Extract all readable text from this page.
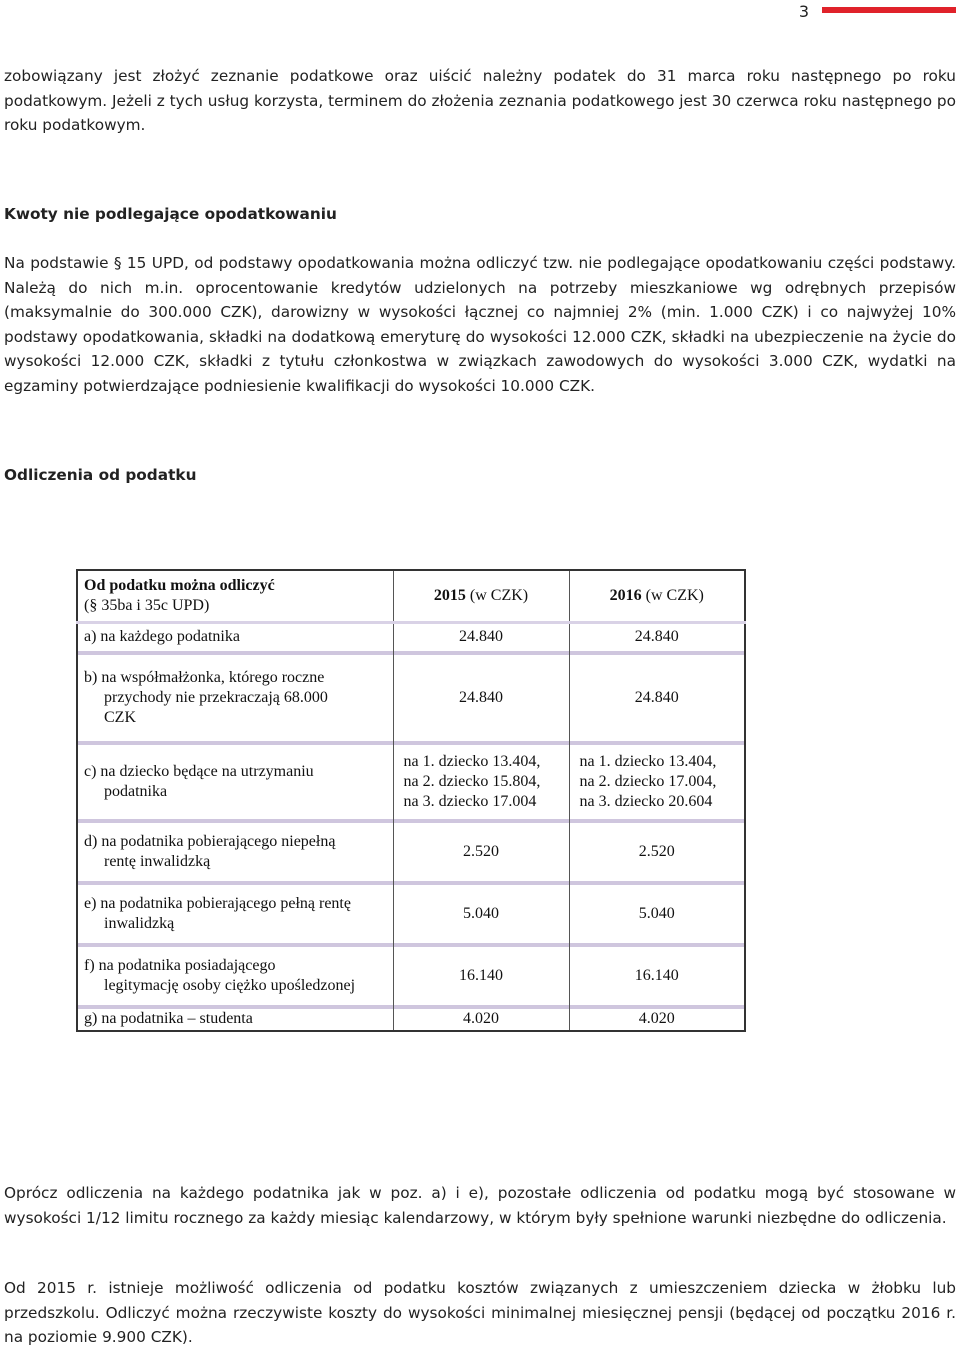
3

zobowiązany jest złożyć zeznanie podatkowe oraz uiścić należny podatek do 31 marca roku następnego po roku podatkowym. Jeżeli z tych usług korzysta, terminem do złożenia zeznania podatkowego jest 30 czerwca roku następnego po roku podatkowym.

Kwoty nie podlegające opodatkowaniu

Na podstawie § 15 UPD, od podstawy opodatkowania można odliczyć tzw. nie podlegające opodatkowaniu części podstawy. Należą do nich m.in. oprocentowanie kredytów udzielonych na potrzeby mieszkaniowe wg odrębnych przepisów (maksymalnie do 300.000 CZK), darowizny w wysokości łącznej co najmniej 2% (min. 1.000 CZK) i co najwyżej 10% podstawy opodatkowania, składki na dodatkową emeryturę do wysokości 12.000 CZK, składki na ubezpieczenie na życie do wysokości 12.000 CZK, składki z tytułu członkostwa w związkach zawodowych do wysokości 3.000 CZK, wydatki na egzaminy potwierdzające podniesienie kwalifikacji do wysokości 10.000 CZK.

Odliczenia od podatku
Od podatku można odliczyć
(§ 35ba i 35c UPD)	2015 (w CZK)	2016 (w CZK)

a) na każdego podatnika	24.840	24.840

b) na współmałżonka, którego roczne
przychody nie przekraczają 68.000
CZK	24.840	24.840

c) na dziecko będące na utrzymaniu
podatnika	na 1. dziecko 13.404,
na 2. dziecko 15.804,
na 3. dziecko 17.004	na 1. dziecko 13.404,
na 2. dziecko 17.004,
na 3. dziecko 20.604

d) na podatnika pobierającego niepełną
rentę inwalidzką	2.520	2.520

e) na podatnika pobierającego pełną rentę
inwalidzką	5.040	5.040

f) na podatnika posiadającego
legitymację osoby ciężko upośledzonej	16.140	16.140

g) na podatnika – studenta	4.020	4.020

Oprócz odliczenia na każdego podatnika jak w poz. a) i e), pozostałe odliczenia od podatku mogą być stosowane w wysokości 1/12 limitu rocznego za każdy miesiąc kalendarzowy, w którym były spełnione warunki niezbędne do odliczenia.

Od 2015 r. istnieje możliwość odliczenia od podatku kosztów związanych z umieszczeniem dziecka w żłobku lub przedszkolu. Odliczyć można rzeczywiste koszty do wysokości minimalnej miesięcznej pensji (będącej od początku 2016 r. na poziomie 9.900 CZK).
